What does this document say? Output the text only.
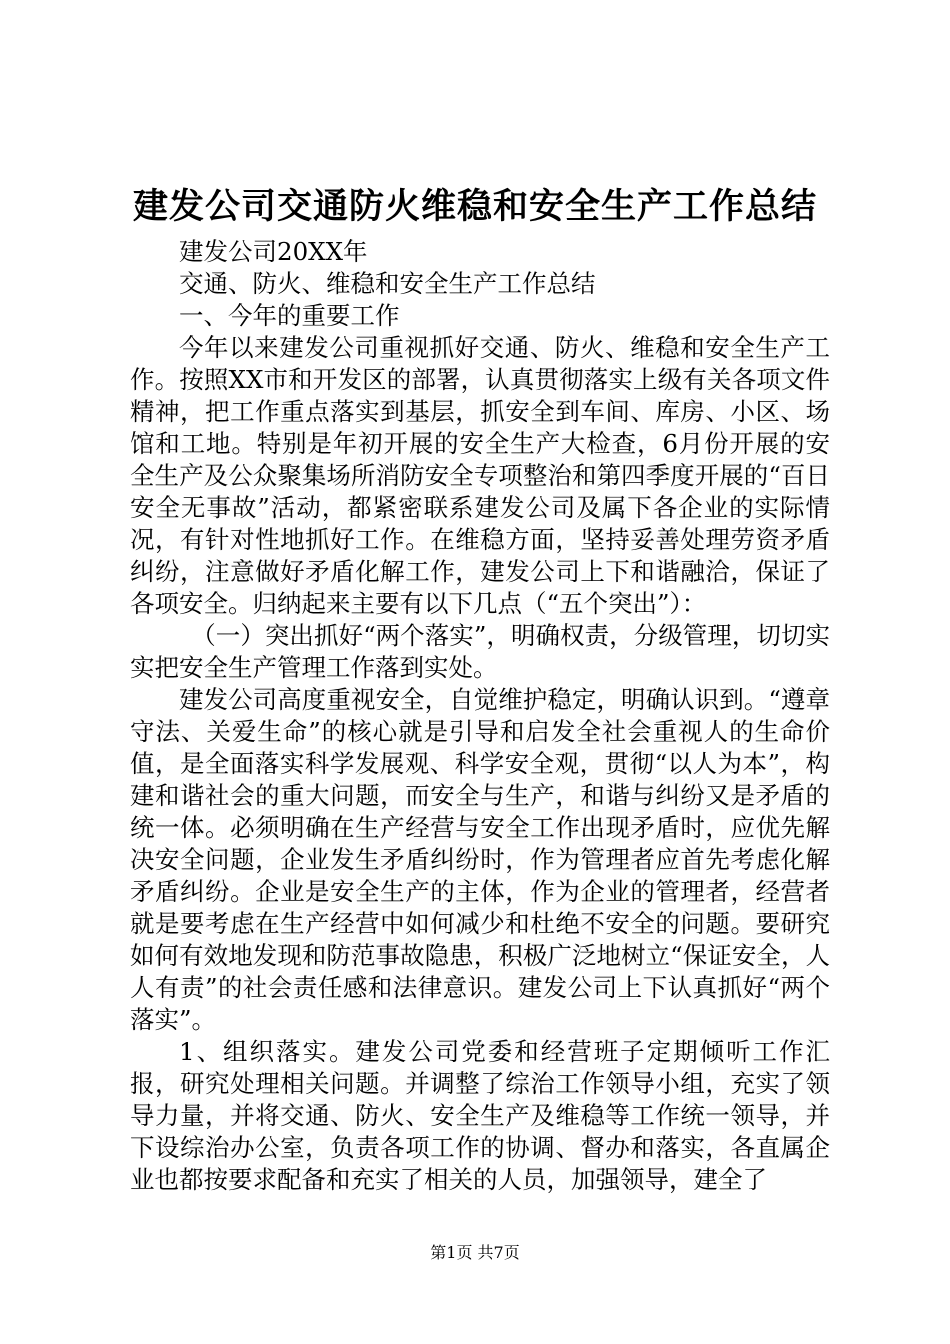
建发公司交通防火维稳和安全生产工作总结

建发公司20XX年

交通、防火、维稳和安全生产工作总结

一、今年的重要工作

今年以来建发公司重视抓好交通、防火、维稳和安全生产工作。按照XX市和开发区的部署，认真贯彻落实上级有关各项文件精神，把工作重点落实到基层，抓安全到车间、库房、小区、场馆和工地。特别是年初开展的安全生产大检查，6月份开展的安全生产及公众聚集场所消防安全专项整治和第四季度开展的“百日安全无事故”活动，都紧密联系建发公司及属下各企业的实际情况，有针对性地抓好工作。在维稳方面，坚持妥善处理劳资矛盾纠纷，注意做好矛盾化解工作，建发公司上下和谐融洽，保证了各项安全。归纳起来主要有以下几点（“五个突出”）：

（一）突出抓好“两个落实”，明确权责，分级管理，切切实实把安全生产管理工作落到实处。

建发公司高度重视安全，自觉维护稳定，明确认识到。“遵章守法、关爱生命”的核心就是引导和启发全社会重视人的生命价值，是全面落实科学发展观、科学安全观，贯彻“以人为本”，构建和谐社会的重大问题，而安全与生产，和谐与纠纷又是矛盾的统一体。必须明确在生产经营与安全工作出现矛盾时，应优先解决安全问题，企业发生矛盾纠纷时，作为管理者应首先考虑化解矛盾纠纷。企业是安全生产的主体，作为企业的管理者，经营者就是要考虑在生产经营中如何减少和杜绝不安全的问题。要研究如何有效地发现和防范事故隐患，积极广泛地树立“保证安全，人人有责”的社会责任感和法律意识。建发公司上下认真抓好“两个落实”。

1、组织落实。建发公司党委和经营班子定期倾听工作汇报，研究处理相关问题。并调整了综治工作领导小组，充实了领导力量，并将交通、防火、安全生产及维稳等工作统一领导，并下设综治办公室，负责各项工作的协调、督办和落实，各直属企业也都按要求配备和充实了相关的人员，加强领导，建全了

第1页 共7页
